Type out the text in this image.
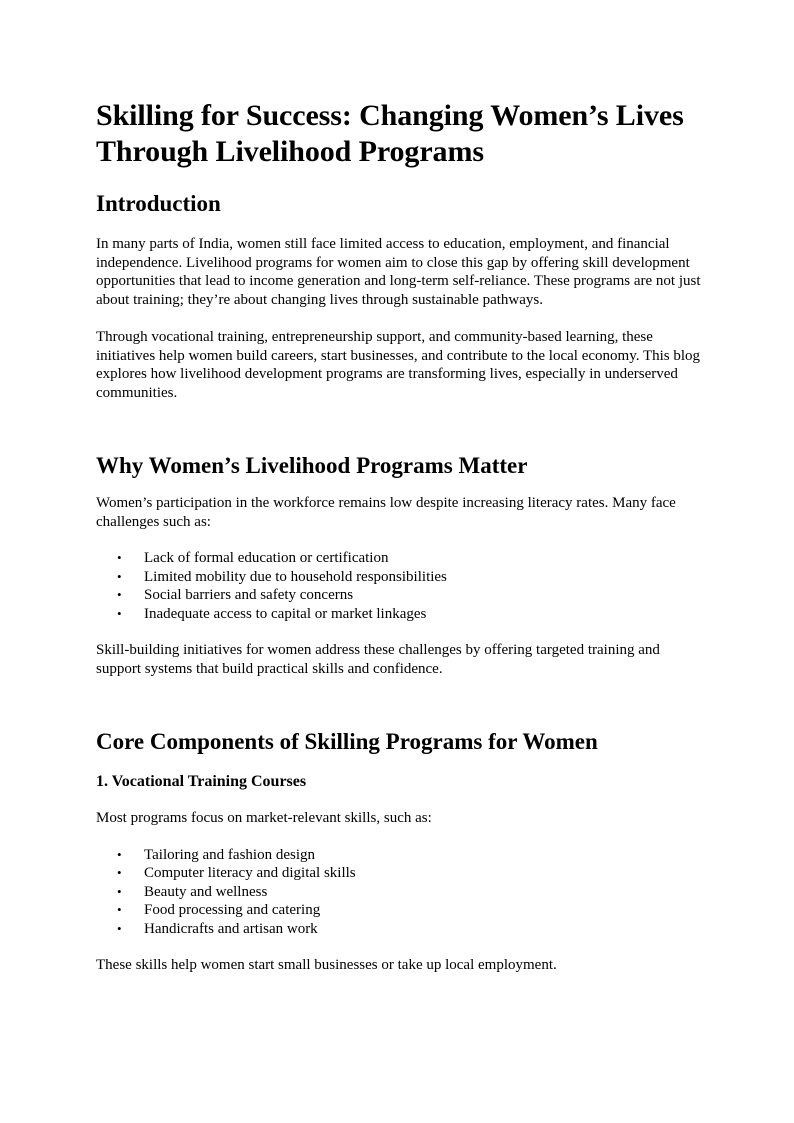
Skilling for Success: Changing Women’s Lives Through Livelihood Programs
Introduction

In many parts of India, women still face limited access to education, employment, and financial independence. Livelihood programs for women aim to close this gap by offering skill development opportunities that lead to income generation and long-term self-reliance. These programs are not just about training; they’re about changing lives through sustainable pathways.

Through vocational training, entrepreneurship support, and community-based learning, these initiatives help women build careers, start businesses, and contribute to the local economy. This blog explores how livelihood development programs are transforming lives, especially in underserved communities.

Why Women’s Livelihood Programs Matter

Women’s participation in the workforce remains low despite increasing literacy rates. Many face challenges such as:

• Lack of formal education or certification
• Limited mobility due to household responsibilities
• Social barriers and safety concerns
• Inadequate access to capital or market linkages

Skill-building initiatives for women address these challenges by offering targeted training and support systems that build practical skills and confidence.

Core Components of Skilling Programs for Women
1. Vocational Training Courses

Most programs focus on market-relevant skills, such as:

• Tailoring and fashion design
• Computer literacy and digital skills
• Beauty and wellness
• Food processing and catering
• Handicrafts and artisan work

These skills help women start small businesses or take up local employment.
